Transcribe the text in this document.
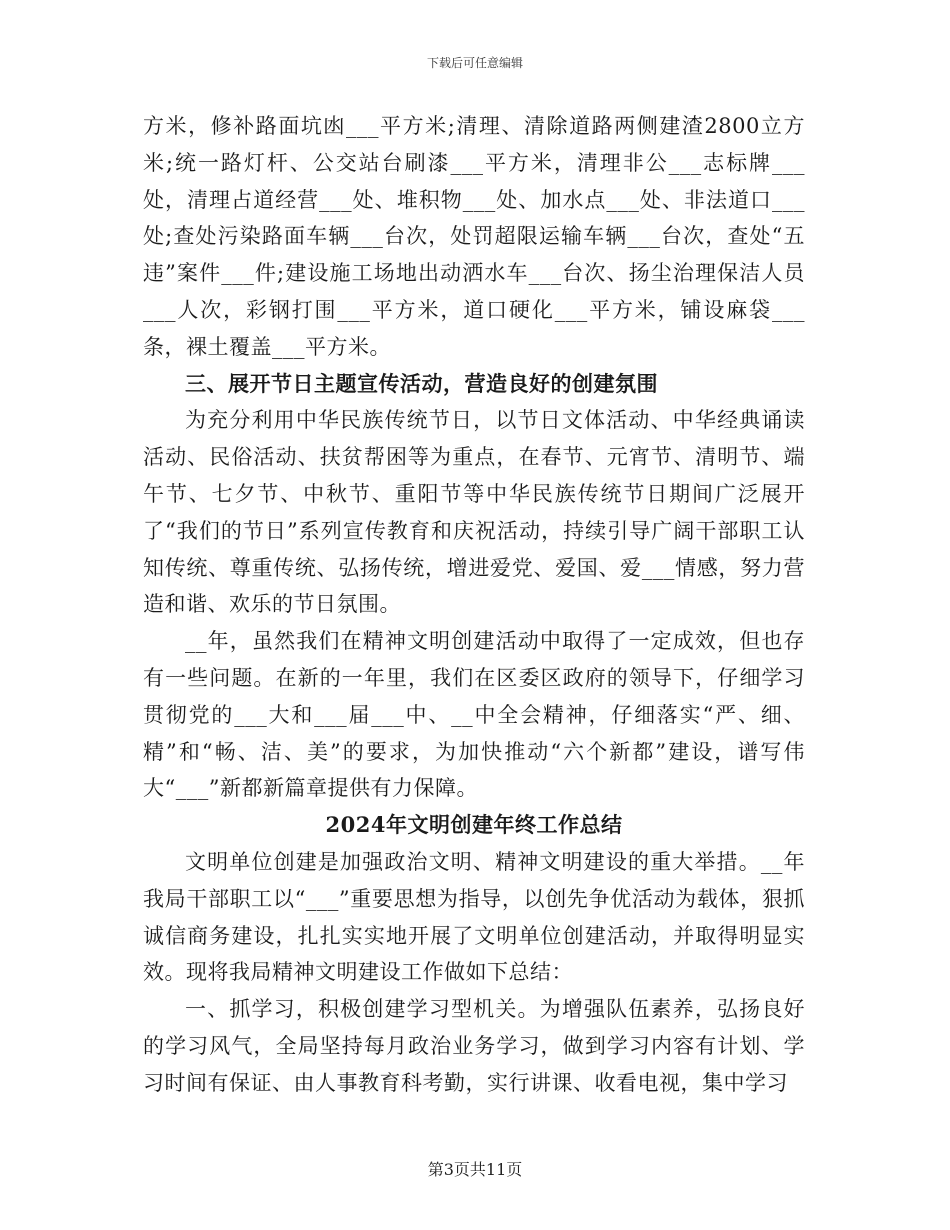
下载后可任意编辑

方米，修补路面坑凼___平方米;清理、清除道路两侧建渣2800立方米;统一路灯杆、公交站台刷漆___平方米，清理非公___志标牌___处，清理占道经营___处、堆积物___处、加水点___处、非法道口___处;查处污染路面车辆___台次，处罚超限运输车辆___台次，查处“五违”案件___件;建设施工场地出动洒水车___台次、扬尘治理保洁人员___人次，彩钢打围___平方米，道口硬化___平方米，铺设麻袋___条，裸土覆盖___平方米。

三、展开节日主题宣传活动，营造良好的创建氛围

为充分利用中华民族传统节日，以节日文体活动、中华经典诵读活动、民俗活动、扶贫帮困等为重点，在春节、元宵节、清明节、端午节、七夕节、中秋节、重阳节等中华民族传统节日期间广泛展开了“我们的节日”系列宣传教育和庆祝活动，持续引导广阔干部职工认知传统、尊重传统、弘扬传统，增进爱党、爱国、爱___情感，努力营造和谐、欢乐的节日氛围。

__年，虽然我们在精神文明创建活动中取得了一定成效，但也存有一些问题。在新的一年里，我们在区委区政府的领导下，仔细学习贯彻党的___大和___届___中、__中全会精神，仔细落实“严、细、精”和“畅、洁、美”的要求，为加快推动“六个新都”建设，谱写伟大“___”新都新篇章提供有力保障。

2024年文明创建年终工作总结

文明单位创建是加强政治文明、精神文明建设的重大举措。__年我局干部职工以“___”重要思想为指导，以创先争优活动为载体，狠抓诚信商务建设，扎扎实实地开展了文明单位创建活动，并取得明显实效。现将我局精神文明建设工作做如下总结：

一、抓学习，积极创建学习型机关。为增强队伍素养，弘扬良好的学习风气，全局坚持每月政治业务学习，做到学习内容有计划、学习时间有保证、由人事教育科考勤，实行讲课、收看电视，集中学习

第3页共11页
